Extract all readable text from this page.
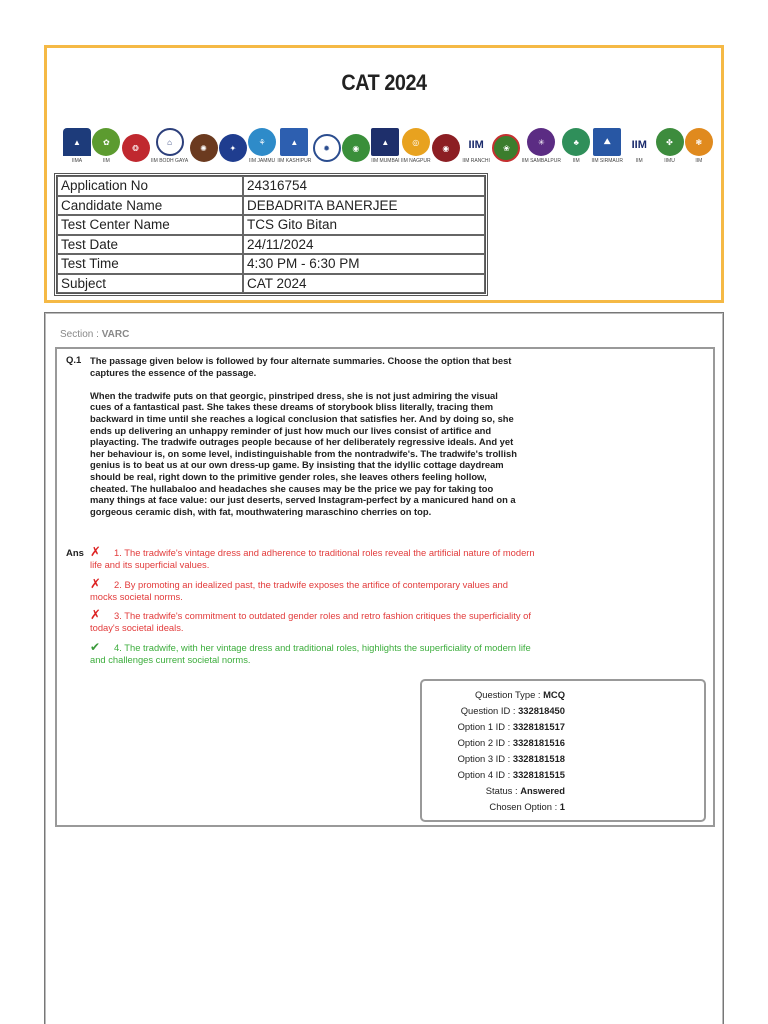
CAT 2024
▲
IIMA
✿
IIM
❂
⌂
IIM BODH GAYA
✺	✦
⚘
IIM JAMMU
▲
IIM KASHIPUR
✹	◉
▲
IIM MUMBAI
◎
IIM NAGPUR
◉	IIM
IIM RANCHI
❀
✳
IIM SAMBALPUR
♣
IIM
⛰
IIM SIRMAUR
IIM
IIM
✤
IIMU
❃
IIM
Application No	24316754
Candidate Name	DEBADRITA BANERJEE
Test Center Name	TCS Gito Bitan
Test Date	24/11/2024
Test Time	4:30 PM - 6:30 PM
Subject	CAT 2024
Section : VARC
Q.1 The passage given below is followed by four alternate summaries. Choose the option that best captures the essence of the passage.

When the tradwife puts on that georgic, pinstriped dress, she is not just admiring the visual cues of a fantastical past. She takes these dreams of storybook bliss literally, tracing them backward in time until she reaches a logical conclusion that satisfies her. And by doing so, she ends up delivering an unhappy reminder of just how much our lives consist of artifice and playacting. The tradwife outrages people because of her deliberately regressive ideals. And yet her behaviour is, on some level, indistinguishable from the nontradwife's. The tradwife's trollish genius is to beat us at our own dress-up game. By insisting that the idyllic cottage daydream should be real, right down to the primitive gender roles, she leaves others feeling hollow, cheated. The hullabaloo and headaches she causes may be the price we pay for taking too many things at face value: our just deserts, served Instagram-perfect by a manicured hand on a gorgeous ceramic dish, with fat, mouthwatering maraschino cherries on top.

Ans ✗ 1. The tradwife's vintage dress and adherence to traditional roles reveal the artificial nature of modern life and its superficial values.
✗ 2. By promoting an idealized past, the tradwife exposes the artifice of contemporary values and mocks societal norms.
✗ 3. The tradwife's commitment to outdated gender roles and retro fashion critiques the superficiality of today's societal ideals.
✔ 4. The tradwife, with her vintage dress and traditional roles, highlights the superficiality of modern life and challenges current societal norms.
Question Type : MCQ
Question ID : 332818450
Option 1 ID : 3328181517
Option 2 ID : 3328181516
Option 3 ID : 3328181518
Option 4 ID : 3328181515
Status : Answered
Chosen Option : 1
